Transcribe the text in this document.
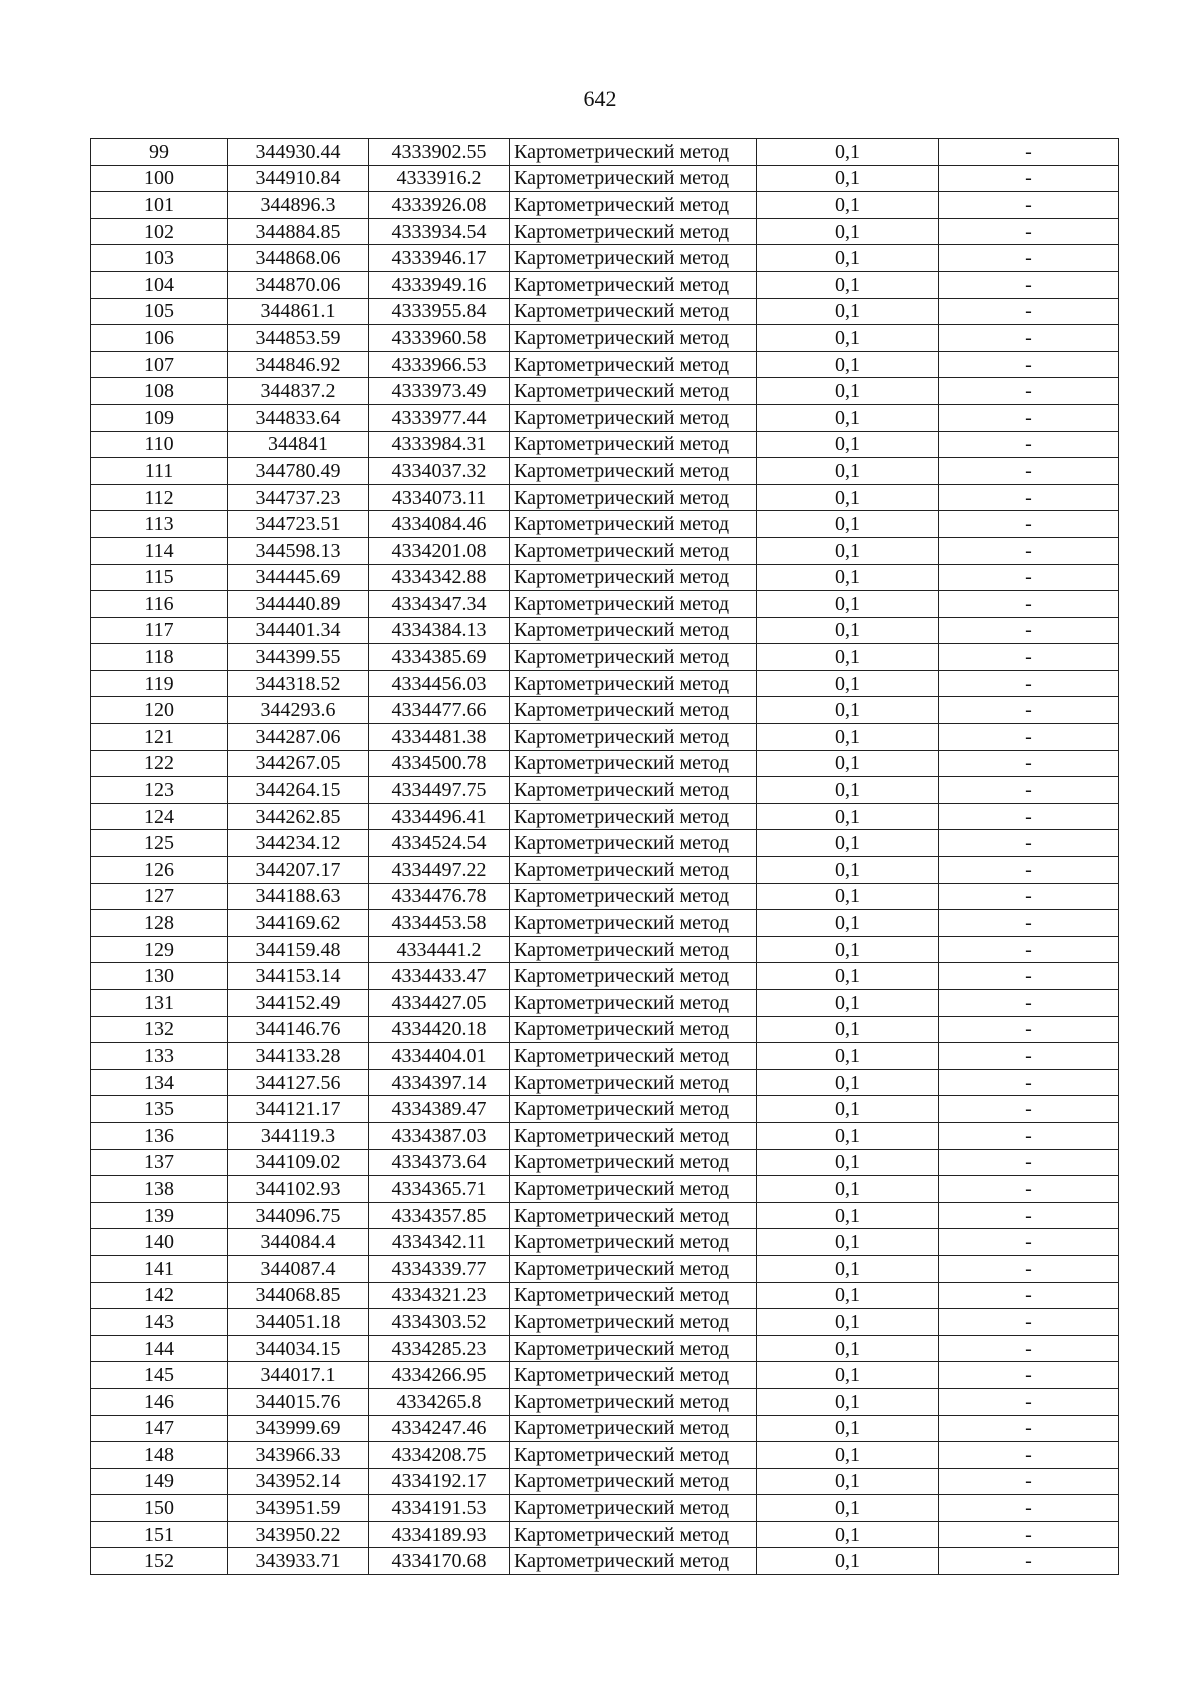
642
99	344930.44	4333902.55	Картометрический метод	0,1	-
100	344910.84	4333916.2	Картометрический метод	0,1	-
101	344896.3	4333926.08	Картометрический метод	0,1	-
102	344884.85	4333934.54	Картометрический метод	0,1	-
103	344868.06	4333946.17	Картометрический метод	0,1	-
104	344870.06	4333949.16	Картометрический метод	0,1	-
105	344861.1	4333955.84	Картометрический метод	0,1	-
106	344853.59	4333960.58	Картометрический метод	0,1	-
107	344846.92	4333966.53	Картометрический метод	0,1	-
108	344837.2	4333973.49	Картометрический метод	0,1	-
109	344833.64	4333977.44	Картометрический метод	0,1	-
110	344841	4333984.31	Картометрический метод	0,1	-
111	344780.49	4334037.32	Картометрический метод	0,1	-
112	344737.23	4334073.11	Картометрический метод	0,1	-
113	344723.51	4334084.46	Картометрический метод	0,1	-
114	344598.13	4334201.08	Картометрический метод	0,1	-
115	344445.69	4334342.88	Картометрический метод	0,1	-
116	344440.89	4334347.34	Картометрический метод	0,1	-
117	344401.34	4334384.13	Картометрический метод	0,1	-
118	344399.55	4334385.69	Картометрический метод	0,1	-
119	344318.52	4334456.03	Картометрический метод	0,1	-
120	344293.6	4334477.66	Картометрический метод	0,1	-
121	344287.06	4334481.38	Картометрический метод	0,1	-
122	344267.05	4334500.78	Картометрический метод	0,1	-
123	344264.15	4334497.75	Картометрический метод	0,1	-
124	344262.85	4334496.41	Картометрический метод	0,1	-
125	344234.12	4334524.54	Картометрический метод	0,1	-
126	344207.17	4334497.22	Картометрический метод	0,1	-
127	344188.63	4334476.78	Картометрический метод	0,1	-
128	344169.62	4334453.58	Картометрический метод	0,1	-
129	344159.48	4334441.2	Картометрический метод	0,1	-
130	344153.14	4334433.47	Картометрический метод	0,1	-
131	344152.49	4334427.05	Картометрический метод	0,1	-
132	344146.76	4334420.18	Картометрический метод	0,1	-
133	344133.28	4334404.01	Картометрический метод	0,1	-
134	344127.56	4334397.14	Картометрический метод	0,1	-
135	344121.17	4334389.47	Картометрический метод	0,1	-
136	344119.3	4334387.03	Картометрический метод	0,1	-
137	344109.02	4334373.64	Картометрический метод	0,1	-
138	344102.93	4334365.71	Картометрический метод	0,1	-
139	344096.75	4334357.85	Картометрический метод	0,1	-
140	344084.4	4334342.11	Картометрический метод	0,1	-
141	344087.4	4334339.77	Картометрический метод	0,1	-
142	344068.85	4334321.23	Картометрический метод	0,1	-
143	344051.18	4334303.52	Картометрический метод	0,1	-
144	344034.15	4334285.23	Картометрический метод	0,1	-
145	344017.1	4334266.95	Картометрический метод	0,1	-
146	344015.76	4334265.8	Картометрический метод	0,1	-
147	343999.69	4334247.46	Картометрический метод	0,1	-
148	343966.33	4334208.75	Картометрический метод	0,1	-
149	343952.14	4334192.17	Картометрический метод	0,1	-
150	343951.59	4334191.53	Картометрический метод	0,1	-
151	343950.22	4334189.93	Картометрический метод	0,1	-
152	343933.71	4334170.68	Картометрический метод	0,1	-
